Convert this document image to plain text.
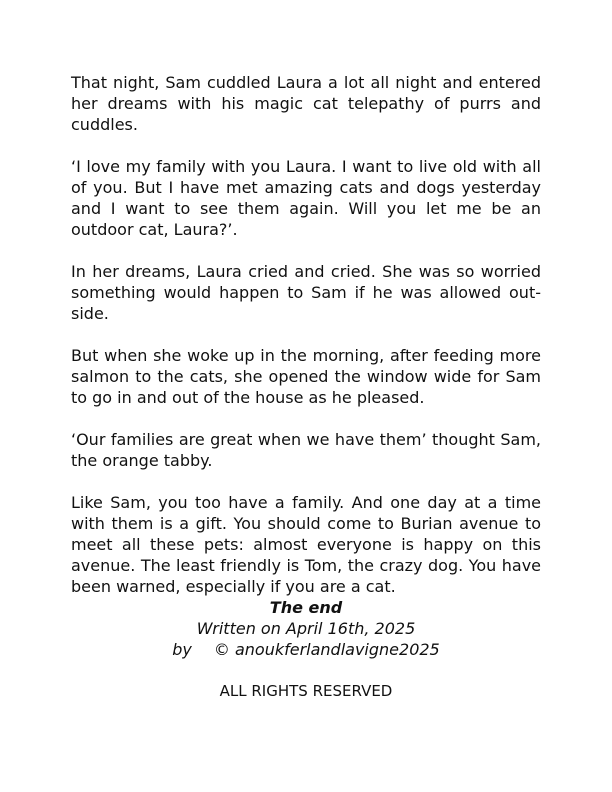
That night, Sam cuddled Laura a lot all night and entered her dreams with his magic cat telepathy of purrs and cuddles.

‘I love my family with you Laura. I want to live old with all of you. But I have met amazing cats and dogs yesterday and I want to see them again. Will you let me be an outdoor cat, Laura?’.

In her dreams, Laura cried and cried. She was so worried something would happen to Sam if he was allowed outside.

But when she woke up in the morning, after feeding more salmon to the cats, she opened the window wide for Sam to go in and out of the house as he pleased.

‘Our families are great when we have them’ thought Sam, the orange tabby.

Like Sam, you too have a family. And one day at a time with them is a gift. You should come to Burian avenue to meet all these pets: almost everyone is happy on this avenue. The least friendly is Tom, the crazy dog. You have been warned, especially if you are a cat.

The end
Written on April 16th, 2025
by © anoukferlandlavigne2025
ALL RIGHTS RESERVED
